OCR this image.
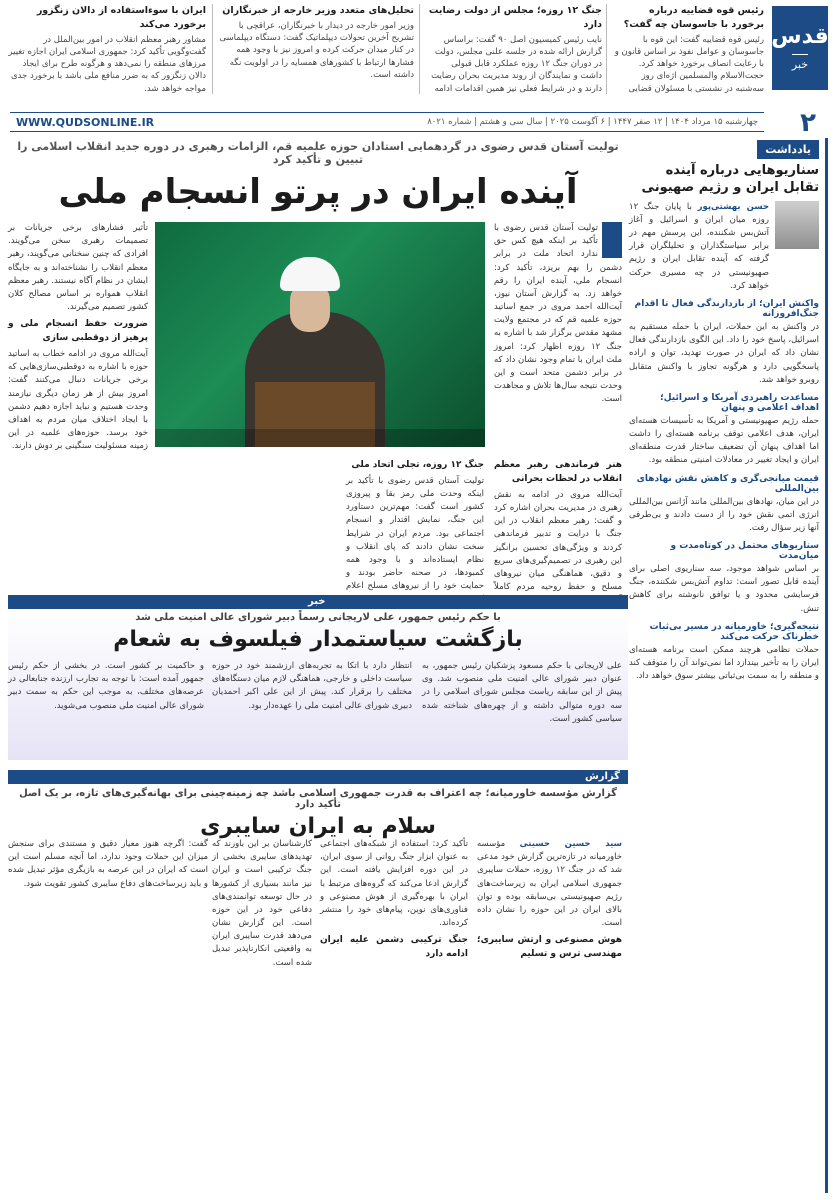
قدس
خبر
۲
رئیس قوه قضاییه درباره برخورد با جاسوسان چه گفت؟

رئیس قوه قضاییه گفت: این قوه با جاسوسان و عوامل نفوذ بر اساس قانون و با رعایت انصاف برخورد خواهد کرد. حجت‌الاسلام والمسلمین اژه‌ای روز سه‌شنبه در نشستی با مسئولان قضایی

جنگ ۱۲ روزه؛ مجلس از دولت رضایت دارد

نایب رئیس کمیسیون اصل ۹۰ گفت: براساس گزارش ارائه شده در جلسه علنی مجلس، دولت در دوران جنگ ۱۲ روزه عملکرد قابل قبولی داشت و نمایندگان از روند مدیریت بحران رضایت دارند و در شرایط فعلی نیز همین اقدامات ادامه

تحلیل‌های متعدد وزیر خارجه از خبرنگاران

وزیر امور خارجه در دیدار با خبرنگاران، عراقچی با تشریح آخرین تحولات دیپلماتیک گفت: دستگاه دیپلماسی در کنار میدان حرکت کرده و امروز نیز با وجود همه فشارها ارتباط با کشورهای همسایه را در اولویت نگه داشته است.

ایران با سوءاستفاده از دالان زنگزور برخورد می‌کند

مشاور رهبر معظم انقلاب در امور بین‌الملل در گفت‌وگویی تأکید کرد: جمهوری اسلامی ایران اجازه تغییر مرزهای منطقه را نمی‌دهد و هرگونه طرح برای ایجاد دالان زنگزور که به ضرر منافع ملی باشد با برخورد جدی مواجه خواهد شد.

WWW.QUDSONLINE.IR	چهارشنبه ۱۵ مرداد ۱۴۰۴ | ۱۲ صفر ۱۴۴۷ | ۶ آگوست ۲۰۲۵ | سال سی و هشتم | شماره ۸۰۲۱
تولیت آستان قدس رضوی در گردهمایی استادان حوزه علمیه قم، الزامات رهبری در دوره جدید انقلاب اسلامی را تبیین و تأکید کرد
آینده ایران در پرتو انسجام ملی
تولیت آستان قدس رضوی با تأکید بر اینکه هیچ کس حق ندارد اتحاد ملت در برابر دشمن را بهم بریزد، تأکید کرد: انسجام ملی، آینده ایران را رقم خواهد زد. به گزارش آستان نیوز، آیت‌الله احمد مروی در جمع اساتید حوزه علمیه قم که در مجتمع ولایت مشهد مقدس برگزار شد با اشاره به جنگ ۱۲ روزه اظهار کرد: امروز ملت ایران با تمام وجود نشان داد که در برابر دشمن متحد است و این وحدت نتیجه سال‌ها تلاش و مجاهدت است.
هنر فرماندهی رهبر معظم انقلاب در لحظات بحرانی
آیت‌الله مروی در ادامه به نقش رهبری در مدیریت بحران اشاره کرد و گفت: رهبر معظم انقلاب در این جنگ با درایت و تدبیر فرماندهی کردند و ویژگی‌های تحسین برانگیز این رهبری در تصمیم‌گیری‌های سریع و دقیق، هماهنگی میان نیروهای مسلح و حفظ روحیه مردم کاملاً
جنگ ۱۲ روزه، تجلی اتحاد ملی
تولیت آستان قدس رضوی با تأکید بر اینکه وحدت ملی رمز بقا و پیروزی کشور است گفت: مهم‌ترین دستاورد این جنگ، نمایش اقتدار و انسجام اجتماعی بود. مردم ایران در شرایط سخت نشان دادند که پای انقلاب و نظام ایستاده‌اند و با وجود همه کمبودها، در صحنه حاضر بودند و حمایت خود را از نیروهای مسلح اعلام
تأثیر فشارهای برخی جریانات بر تصمیمات رهبری سخن می‌گویند. افرادی که چنین سخنانی می‌گویند، رهبر معظم انقلاب را نشناخته‌اند و به جایگاه ایشان در نظام آگاه نیستند. رهبر معظم انقلاب همواره بر اساس مصالح کلان کشور تصمیم می‌گیرند.
ضرورت حفظ انسجام ملی و پرهیز از دوقطبی سازی
آیت‌الله مروی در ادامه خطاب به اساتید حوزه با اشاره به دوقطبی‌سازی‌هایی که برخی جریانات دنبال می‌کنند گفت: امروز بیش از هر زمان دیگری نیازمند وحدت هستیم و نباید اجازه دهیم دشمن با ایجاد اختلاف میان مردم به اهداف خود برسد. حوزه‌های علمیه در این زمینه مسئولیت سنگینی بر دوش دارند.
خبر
با حکم رئیس جمهور، علی لاریجانی رسماً دبیر شورای عالی امنیت ملی شد
بازگشت سیاستمدار فیلسوف به شعام
علی لاریجانی با حکم مسعود پزشکیان رئیس جمهور، به عنوان دبیر شورای عالی امنیت ملی منصوب شد. وی پیش از این سابقه ریاست مجلس شورای اسلامی را در سه دوره متوالی داشته و از چهره‌های شناخته شده سیاسی کشور است.
انتظار دارد با اتکا به تجربه‌های ارزشمند خود در حوزه سیاست داخلی و خارجی، هماهنگی لازم میان دستگاه‌های مختلف را برقرار کند. پیش از این علی اکبر احمدیان دبیری شورای عالی امنیت ملی را عهده‌دار بود.
و حاکمیت بر کشور است. در بخشی از حکم رئیس جمهور آمده است: با توجه به تجارب ارزنده جنابعالی در عرصه‌های مختلف، به موجب این حکم به سمت دبیر شورای عالی امنیت ملی منصوب می‌شوید.
گزارش
گزارش مؤسسه خاورمیانه؛ چه اعتراف به قدرت جمهوری اسلامی باشد چه زمینه‌چینی برای بهانه‌گیری‌های تازه، بر یک اصل تأکید دارد
سلام به ایران سایبری
سید حسین حسینی مؤسسه خاورمیانه در تازه‌ترین گزارش خود مدعی شد که در جنگ ۱۲ روزه، حملات سایبری جمهوری اسلامی ایران به زیرساخت‌های رژیم صهیونیستی بی‌سابقه بوده و توان بالای ایران در این حوزه را نشان داده است.
هوش مصنوعی و ارتش سایبری؛ مهندسی ترس و تسلیم
تأکید کرد: استفاده از شبکه‌های اجتماعی به عنوان ابزار جنگ روانی از سوی ایران، در این دوره افزایش یافته است. این گزارش ادعا می‌کند که گروه‌های مرتبط با ایران با بهره‌گیری از هوش مصنوعی و فناوری‌های نوین، پیام‌های خود را منتشر کرده‌اند.
جنگ ترکیبی دشمن علیه ایران ادامه دارد
کارشناسان بر این باورند که تهدیدهای سایبری بخشی از جنگ ترکیبی است و ایران نیز مانند بسیاری از کشورها در حال توسعه توانمندی‌های دفاعی خود در این حوزه است. این گزارش نشان می‌دهد قدرت سایبری ایران به واقعیتی انکارناپذیر تبدیل شده است.
گفت: اگرچه هنوز معیار دقیق و مستندی برای سنجش میزان این حملات وجود ندارد، اما آنچه مسلم است این است که ایران در این عرصه به بازیگری مؤثر تبدیل شده و باید زیرساخت‌های دفاع سایبری کشور تقویت شود.
یادداشت
سناریوهایی درباره آینده تقابل ایران و رژیم صهیونی
حسن بهشتی‌پور با پایان جنگ ۱۲ روزه میان ایران و اسرائیل و آغاز آتش‌بس شکننده، این پرسش مهم در برابر سیاستگذاران و تحلیلگران قرار گرفته که آینده تقابل ایران و رژیم صهیونیستی در چه مسیری حرکت خواهد کرد.
واکنش ایران؛ از بازدارندگی فعال تا اقدام جنگ‌افروزانه
در واکنش به این حملات، ایران با حمله مستقیم به اسرائیل، پاسخ خود را داد. این الگوی بازدارندگی فعال نشان داد که ایران در صورت تهدید، توان و اراده پاسخگویی دارد و هرگونه تجاوز با واکنش متقابل روبرو خواهد شد.
مساعدت راهبردی آمریکا و اسرائیل؛ اهداف اعلامی و پنهان
حمله رژیم صهیونیستی و آمریکا به تأسیسات هسته‌ای ایران، هدف اعلامی توقف برنامه هسته‌ای را داشت اما اهداف پنهان آن تضعیف ساختار قدرت منطقه‌ای ایران و ایجاد تغییر در معادلات امنیتی منطقه بود.
قیمت میانجی‌گری و کاهش نقش نهادهای بین‌المللی
در این میان، نهادهای بین‌المللی مانند آژانس بین‌المللی انرژی اتمی نقش خود را از دست دادند و بی‌طرفی آنها زیر سؤال رفت.
سناریوهای محتمل در کوتاه‌مدت و میان‌مدت
بر اساس شواهد موجود، سه سناریوی اصلی برای آینده قابل تصور است: تداوم آتش‌بس شکننده، جنگ فرسایشی محدود و یا توافق نانوشته برای کاهش تنش.
نتیجه‌گیری؛ خاورمیانه در مسیر بی‌ثبات خطرناک حرکت می‌کند
حملات نظامی هرچند ممکن است برنامه هسته‌ای ایران را به تأخیر بیندازد اما نمی‌تواند آن را متوقف کند و منطقه را به سمت بی‌ثباتی بیشتر سوق خواهد داد.
